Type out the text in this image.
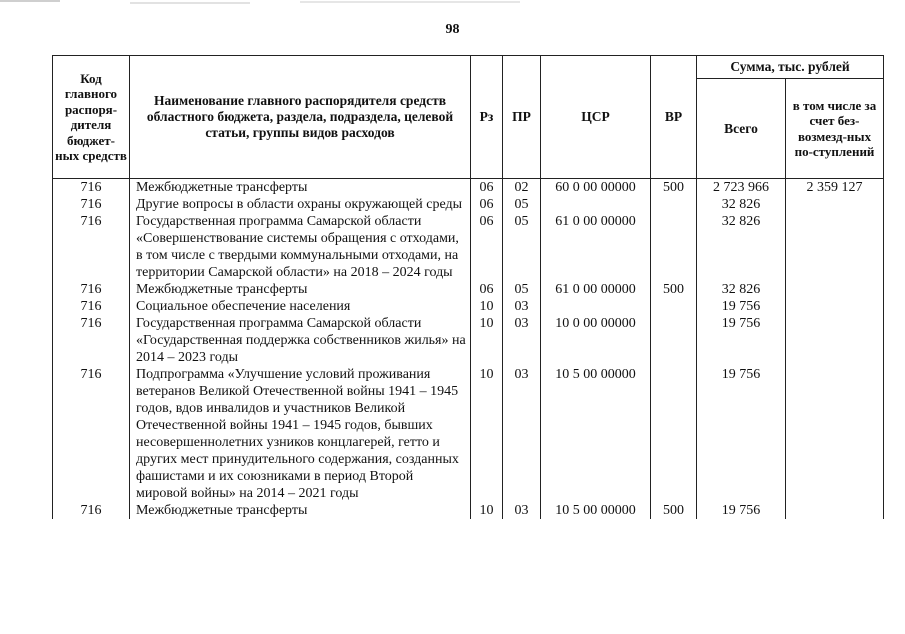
98
Код главного распоря-дителя бюджет-ных средств	Наименование главного распорядителя средств областного бюджета, раздела, подраздела, целевой статьи, группы видов расходов	Рз	ПР	ЦСР	ВР	Сумма, тыс. рублей	
						Всего	в том числе за счет без-возмезд-ных по-ступлений
716	Межбюджетные трансферты	06	02	60 0 00 00000	500	2 723 966	2 359 127
716	Другие вопросы в области охраны окружающей среды	06	05			32 826	
716	Государственная программа Самарской области «Совершенствование системы обращения с отходами, в том числе с твердыми коммунальными отходами, на территории Самарской области» на 2018 – 2024 годы	06	05	61 0 00 00000		32 826	
716	Межбюджетные трансферты	06	05	61 0 00 00000	500	32 826	
716	Социальное обеспечение населения	10	03			19 756	
716	Государственная программа Самарской области «Государственная поддержка собственников жилья» на 2014 – 2023 годы	10	03	10 0 00 00000		19 756	
716	Подпрограмма «Улучшение условий проживания ветеранов Великой Отечественной войны 1941 – 1945 годов, вдов инвалидов и участников Великой Отечественной войны 1941 – 1945 годов, бывших несовершеннолетних узников концлагерей, гетто и других мест принудительного содержания, созданных фашистами и их союзниками в период Второй мировой войны» на 2014 – 2021 годы	10	03	10 5 00 00000		19 756	
716	Межбюджетные трансферты	10	03	10 5 00 00000	500	19 756	
